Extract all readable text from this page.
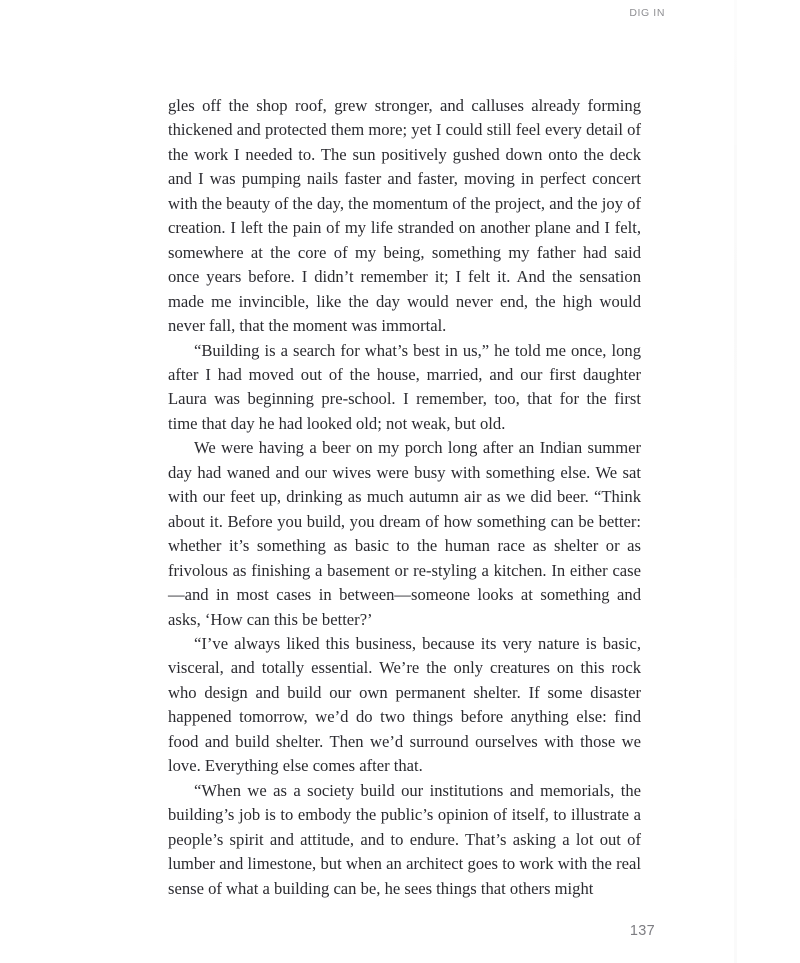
DIG IN

gles off the shop roof, grew stronger, and calluses already forming thickened and protected them more; yet I could still feel every detail of the work I needed to. The sun positively gushed down onto the deck and I was pumping nails faster and faster, moving in perfect concert with the beauty of the day, the momentum of the project, and the joy of creation. I left the pain of my life stranded on another plane and I felt, somewhere at the core of my being, something my father had said once years before. I didn’t remember it; I felt it. And the sensation made me invincible, like the day would never end, the high would never fall, that the moment was immortal.

“Building is a search for what’s best in us,” he told me once, long after I had moved out of the house, married, and our first daughter Laura was beginning pre-school. I remember, too, that for the first time that day he had looked old; not weak, but old.

We were having a beer on my porch long after an Indian summer day had waned and our wives were busy with something else. We sat with our feet up, drinking as much autumn air as we did beer. “Think about it. Before you build, you dream of how something can be better: whether it’s something as basic to the human race as shelter or as frivolous as finishing a basement or re-styling a kitchen. In either case—and in most cases in between—someone looks at something and asks, ‘How can this be better?’

“I’ve always liked this business, because its very nature is basic, visceral, and totally essential. We’re the only creatures on this rock who design and build our own permanent shelter. If some disaster happened tomorrow, we’d do two things before anything else: find food and build shelter. Then we’d surround ourselves with those we love. Everything else comes after that.

“When we as a society build our institutions and memorials, the building’s job is to embody the public’s opinion of itself, to illustrate a people’s spirit and attitude, and to endure. That’s asking a lot out of lumber and limestone, but when an architect goes to work with the real sense of what a building can be, he sees things that others might

137
